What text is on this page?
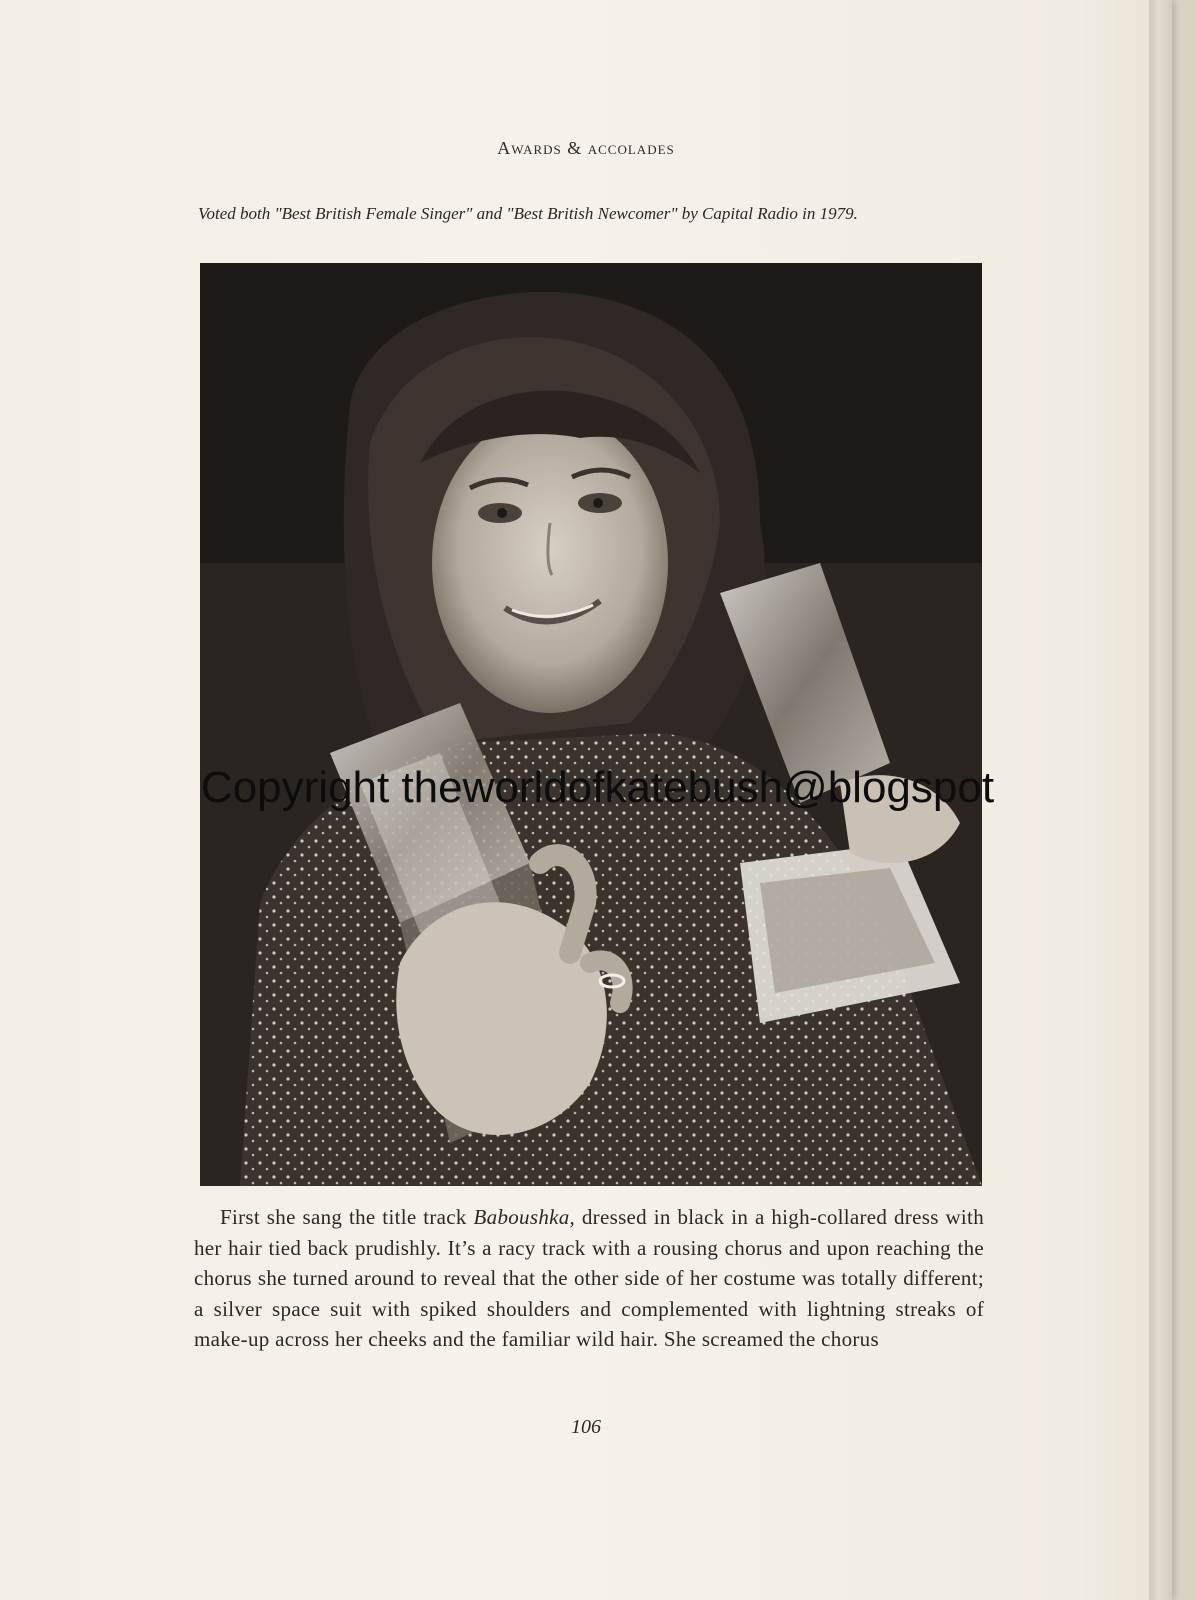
Awards & accolades

Voted both "Best British Female Singer" and "Best British Newcomer" by Capital Radio in 1979.

First she sang the title track Baboushka, dressed in black in a high-collared dress with her hair tied back prudishly. It’s a racy track with a rousing chorus and upon reaching the chorus she turned around to reveal that the other side of her costume was totally different; a silver space suit with spiked shoulders and complemented with lightning streaks of make-up across her cheeks and the familiar wild hair. She screamed the chorus

106
Copyright theworldofkatebush@blogspot
